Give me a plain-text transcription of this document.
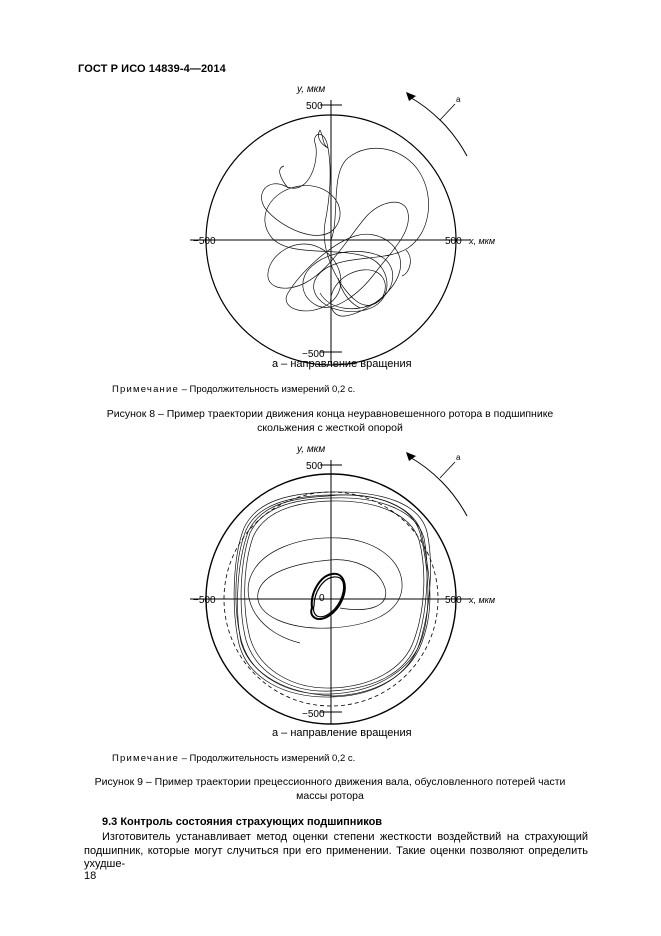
ГОСТ Р ИСО 14839-4—2014
a
y, мкм
500
−500
−500	500 x, мкм
a – направление вращения
Примечание – Продолжительность измерений 0,2 с.
Рисунок 8 – Пример траектории движения конца неуравновешенного ротора в подшипнике
скольжения с жесткой опорой
a
y, мкм
500
−500
−500	500 x, мкм
0
a – направление вращения
Примечание – Продолжительность измерений 0,2 с.
Рисунок 9 – Пример траектории прецессионного движения вала, обусловленного потерей части
массы ротора
9.3 Контроль состояния страхующих подшипников
Изготовитель устанавливает метод оценки степени жесткости воздействий на страхующий подшипник, которые могут случиться при его применении. Такие оценки позволяют определить ухудше-
18
